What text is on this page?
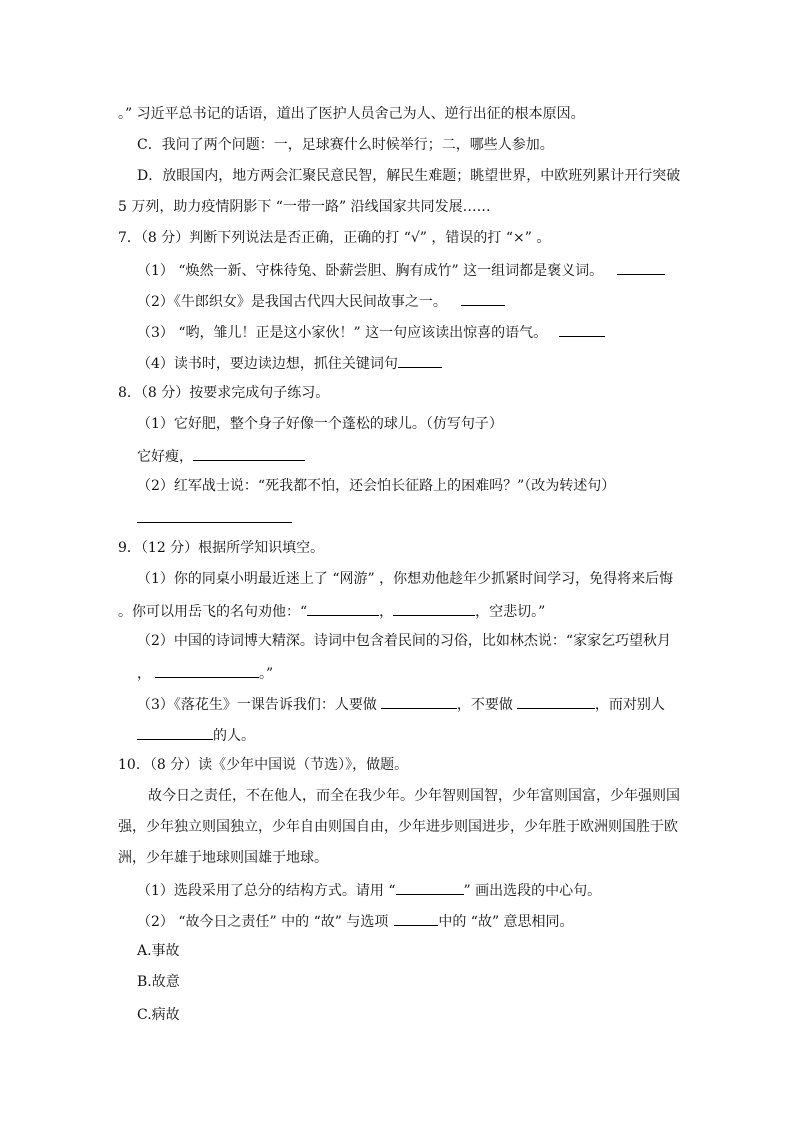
。” 习近平总书记的话语，道出了医护人员舍己为人、逆行出征的根本原因。
C．我问了两个问题：一，足球赛什么时候举行；二，哪些人参加。
D．放眼国内，地方两会汇聚民意民智，解民生难题；眺望世界，中欧班列累计开行突破
5 万列，助力疫情阴影下 “一带一路” 沿线国家共同发展……
7．（8 分）判断下列说法是否正确，正确的打 “√” ，错误的打 “×” 。
（1） “焕然一新、守株待兔、卧薪尝胆、胸有成竹” 这一组词都是褒义词。
（2）《牛郎织女》是我国古代四大民间故事之一。
（3） “哟，雏儿！正是这小家伙！” 这一句应该读出惊喜的语气。
（4）读书时，要边读边想，抓住关键词句
8．（8 分）按要求完成句子练习。
（1）它好肥，整个身子好像一个蓬松的球儿。（仿写句子）
它好瘦，
（2）红军战士说：“死我都不怕，还会怕长征路上的困难吗？”（改为转述句）
9．（12 分）根据所学知识填空。
（1）你的同桌小明最近迷上了 “网游” ，你想劝他趁年少抓紧时间学习，免得将来后悔
。你可以用岳飞的名句劝他：“	，	，空悲切。”
（2）中国的诗词博大精深。诗词中包含着民间的习俗，比如林杰说：“家家乞巧望秋月
，	。”
（3）《落花生》一课告诉我们：人要做	，不要做	，而对别人
的人。
10．（8 分）读《少年中国说（节选）》，做题。
故今日之责任，不在他人，而全在我少年。少年智则国智，少年富则国富，少年强则国
强，少年独立则国独立，少年自由则国自由，少年进步则国进步，少年胜于欧洲则国胜于欧
洲，少年雄于地球则国雄于地球。
（1）选段采用了总分的结构方式。请用 “	” 画出选段的中心句。
（2） “故今日之责任” 中的 “故” 与选项	中的 “故” 意思相同。
A.事故
B.故意
C.病故
